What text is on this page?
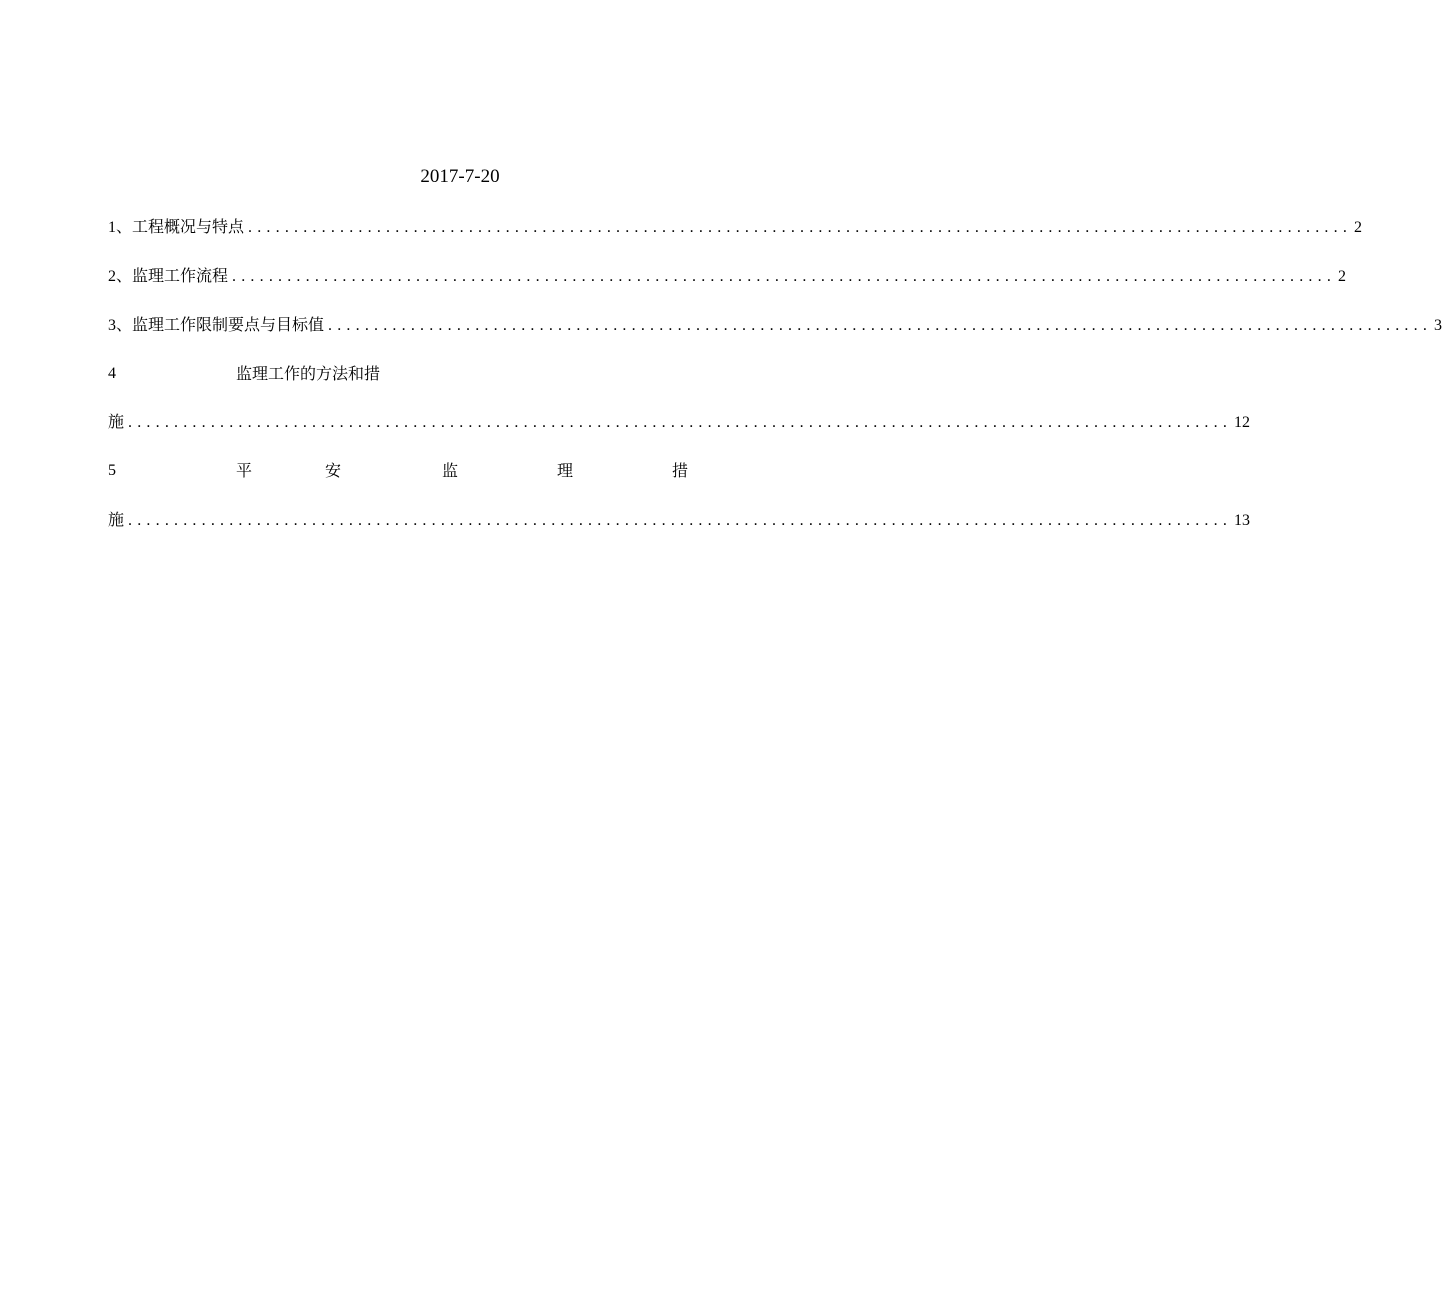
2017-7-20
1、工程概况与特点 ........................................................................................................................ 2
2、监理工作流程 ........................................................................................................................ 2
3、监理工作限制要点与目标值 ........................................................................................................................ 3
4	监理工作的方法和措
施 ........................................................................................................................ 12
5	平	安	监	理	措
施 ........................................................................................................................ 13
